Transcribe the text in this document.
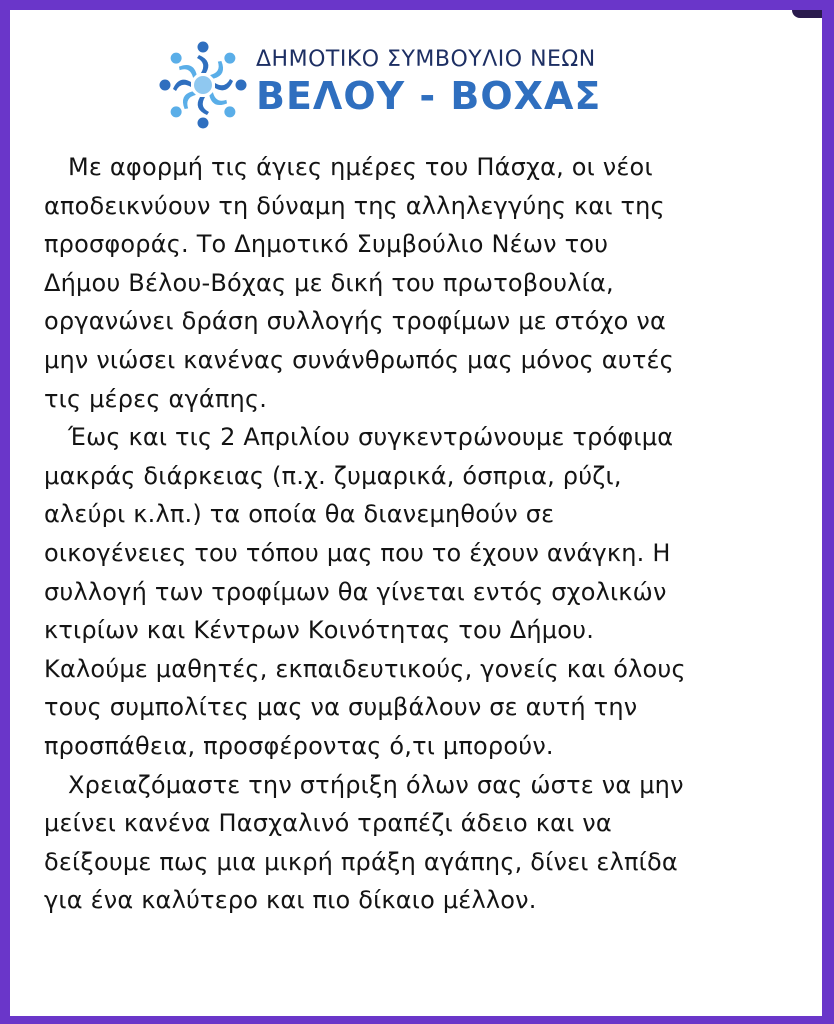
ΔΗΜΟΤΙΚΟ ΣΥΜΒΟΥΛΙΟ ΝΕΩΝ
ΒΕΛΟΥ - ΒΟΧΑΣ
Με αφορμή τις άγιες ημέρες του Πάσχα, οι νέοι
αποδεικνύουν τη δύναμη της αλληλεγγύης και της
προσφοράς. Το Δημοτικό Συμβούλιο Νέων του
Δήμου Βέλου-Βόχας με δική του πρωτοβουλία,
οργανώνει δράση συλλογής τροφίμων με στόχο να
μην νιώσει κανένας συνάνθρωπός μας μόνος αυτές
τις μέρες αγάπης.
Έως και τις 2 Απριλίου συγκεντρώνουμε τρόφιμα
μακράς διάρκειας (π.χ. ζυμαρικά, όσπρια, ρύζι,
αλεύρι κ.λπ.) τα οποία θα διανεμηθούν σε
οικογένειες του τόπου μας που το έχουν ανάγκη. Η
συλλογή των τροφίμων θα γίνεται εντός σχολικών
κτιρίων και Κέντρων Κοινότητας του Δήμου.
Καλούμε μαθητές, εκπαιδευτικούς, γονείς και όλους
τους συμπολίτες μας να συμβάλουν σε αυτή την
προσπάθεια, προσφέροντας ό,τι μπορούν.
Χρειαζόμαστε την στήριξη όλων σας ώστε να μην
μείνει κανένα Πασχαλινό τραπέζι άδειο και να
δείξουμε πως μια μικρή πράξη αγάπης, δίνει ελπίδα
για ένα καλύτερο και πιο δίκαιο μέλλον.
